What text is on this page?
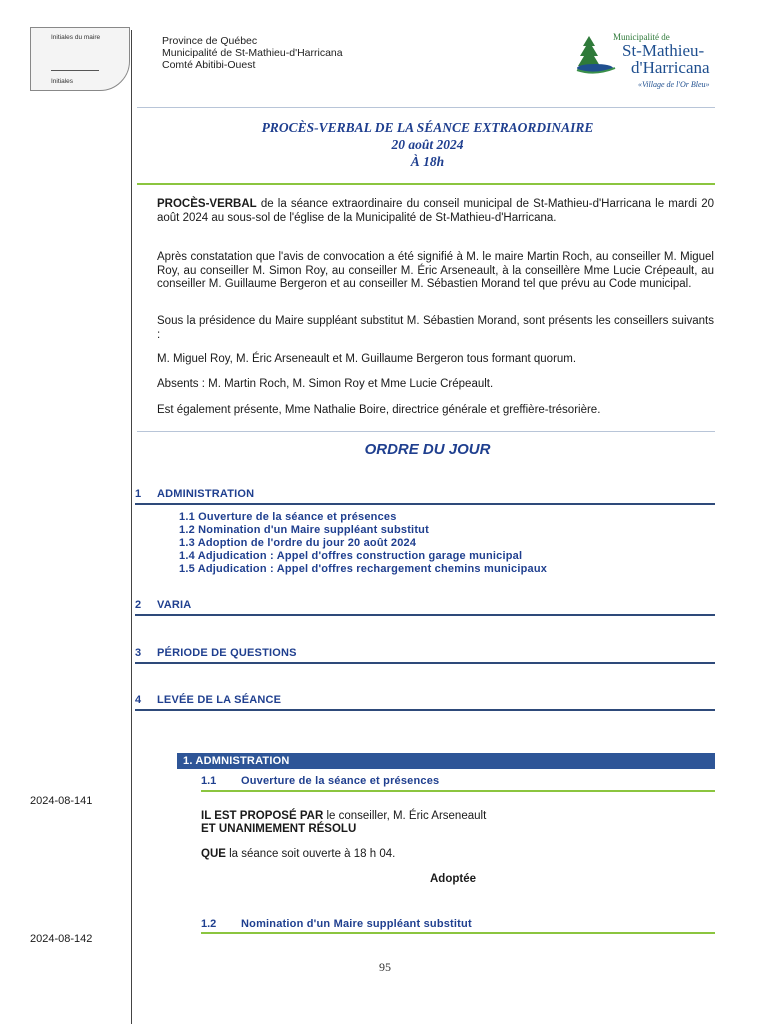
Initiales du maire
Initiales
Province de Québec
Municipalité de St-Mathieu-d'Harricana
Comté Abitibi-Ouest
Municipalité de
St-Mathieu-
d'Harricana
«Village de l'Or Bleu»
PROCÈS-VERBAL DE LA SÉANCE EXTRAORDINAIRE
20 août 2024
À 18h
PROCÈS-VERBAL de la séance extraordinaire du conseil municipal de St-Mathieu-d'Harricana le mardi 20 août 2024 au sous-sol de l'église de la Municipalité de St-Mathieu-d'Harricana.
Après constatation que l'avis de convocation a été signifié à M. le maire Martin Roch, au conseiller M. Miguel Roy, au conseiller M. Simon Roy, au conseiller M. Éric Arseneault, à la conseillère Mme Lucie Crépeault, au conseiller M. Guillaume Bergeron et au conseiller M. Sébastien Morand tel que prévu au Code municipal.
Sous la présidence du Maire suppléant substitut M. Sébastien Morand, sont présents les conseillers suivants :
M. Miguel Roy, M. Éric Arseneault et M. Guillaume Bergeron tous formant quorum.
Absents : M. Martin Roch, M. Simon Roy et Mme Lucie Crépeault.
Est également présente, Mme Nathalie Boire, directrice générale et greffière-trésorière.
ORDRE DU JOUR
1 ADMINISTRATION
1.1 Ouverture de la séance et présences
1.2 Nomination d'un Maire suppléant substitut
1.3 Adoption de l'ordre du jour 20 août 2024
1.4 Adjudication : Appel d'offres construction garage municipal
1.5 Adjudication : Appel d'offres rechargement chemins municipaux
2 VARIA
3 PÉRIODE DE QUESTIONS
4 LEVÉE DE LA SÉANCE
1. ADMNISTRATION
1.1 Ouverture de la séance et présences
2024-08-141
IL EST PROPOSÉ PAR le conseiller, M. Éric Arseneault
ET UNANIMEMENT RÉSOLU
QUE la séance soit ouverte à 18 h 04.
Adoptée
1.2 Nomination d'un Maire suppléant substitut
2024-08-142
95
